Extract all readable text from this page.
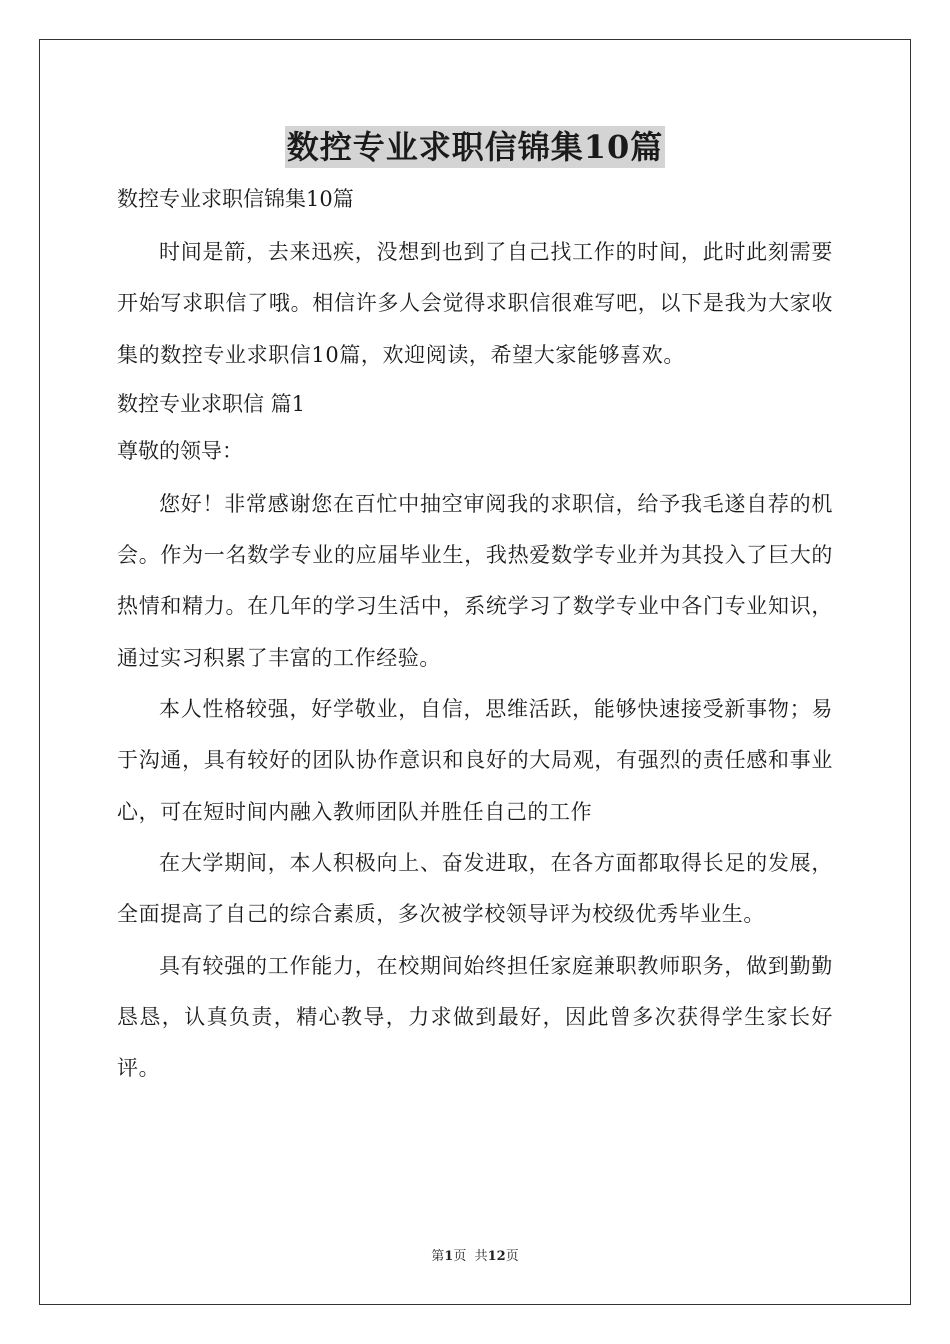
数控专业求职信锦集10篇

数控专业求职信锦集10篇

时间是箭，去来迅疾，没想到也到了自己找工作的时间，此时此刻需要开始写求职信了哦。相信许多人会觉得求职信很难写吧，以下是我为大家收集的数控专业求职信10篇，欢迎阅读，希望大家能够喜欢。

数控专业求职信 篇1

尊敬的领导：

您好！非常感谢您在百忙中抽空审阅我的求职信，给予我毛遂自荐的机会。作为一名数学专业的应届毕业生，我热爱数学专业并为其投入了巨大的热情和精力。在几年的学习生活中，系统学习了数学专业中各门专业知识，通过实习积累了丰富的工作经验。

本人性格较强，好学敬业，自信，思维活跃，能够快速接受新事物；易于沟通，具有较好的团队协作意识和良好的大局观，有强烈的责任感和事业心，可在短时间内融入教师团队并胜任自己的工作

在大学期间，本人积极向上、奋发进取，在各方面都取得长足的发展，全面提高了自己的综合素质，多次被学校领导评为校级优秀毕业生。

具有较强的工作能力，在校期间始终担任家庭兼职教师职务，做到勤勤恳恳，认真负责，精心教导，力求做到最好，因此曾多次获得学生家长好评。

第1页  共12页
